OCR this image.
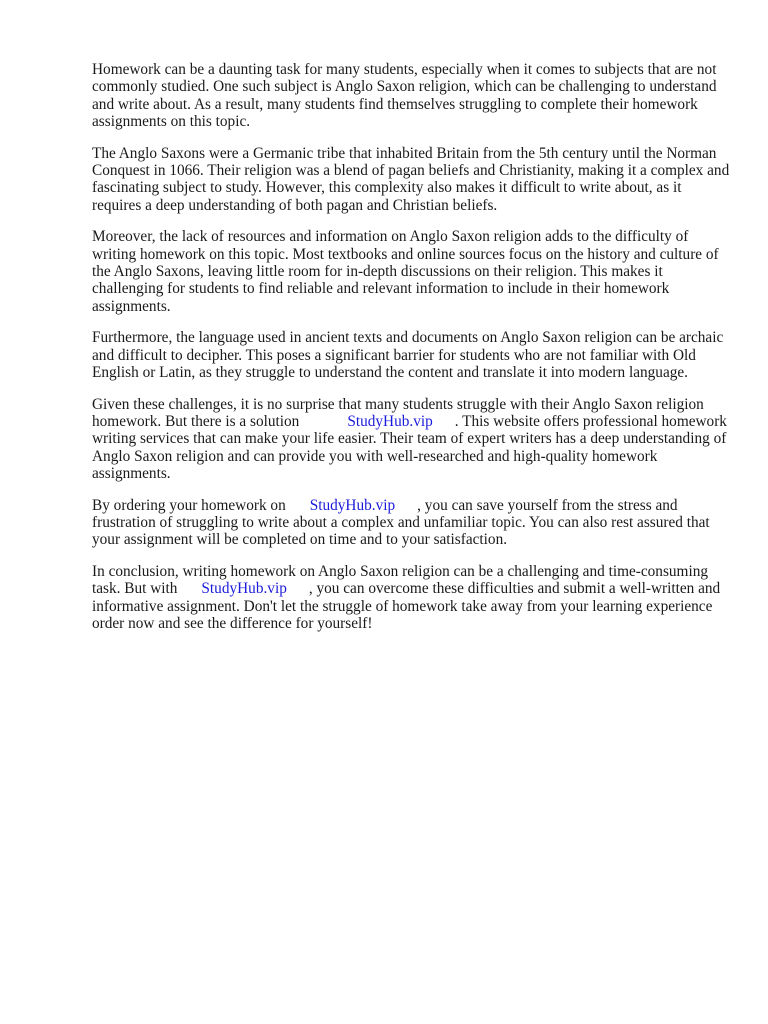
Homework can be a daunting task for many students, especially when it comes to subjects that are not commonly studied. One such subject is Anglo Saxon religion, which can be challenging to understand and write about. As a result, many students find themselves struggling to complete their homework assignments on this topic.

The Anglo Saxons were a Germanic tribe that inhabited Britain from the 5th century until the Norman Conquest in 1066. Their religion was a blend of pagan beliefs and Christianity, making it a complex and fascinating subject to study. However, this complexity also makes it difficult to write about, as it requires a deep understanding of both pagan and Christian beliefs.

Moreover, the lack of resources and information on Anglo Saxon religion adds to the difficulty of writing homework on this topic. Most textbooks and online sources focus on the history and culture of the Anglo Saxons, leaving little room for in-depth discussions on their religion. This makes it challenging for students to find reliable and relevant information to include in their homework assignments.

Furthermore, the language used in ancient texts and documents on Anglo Saxon religion can be archaic and difficult to decipher. This poses a significant barrier for students who are not familiar with Old English or Latin, as they struggle to understand the content and translate it into modern language.

Given these challenges, it is no surprise that many students struggle with their Anglo Saxon religion homework. But there is a solution	StudyHub.vip . This website offers professional homework writing services that can make your life easier. Their team of expert writers has a deep understanding of Anglo Saxon religion and can provide you with well-researched and high-quality homework assignments.

By ordering your homework on StudyHub.vip , you can save yourself from the stress and frustration of struggling to write about a complex and unfamiliar topic. You can also rest assured that your assignment will be completed on time and to your satisfaction.

In conclusion, writing homework on Anglo Saxon religion can be a challenging and time-consuming task. But with StudyHub.vip , you can overcome these difficulties and submit a well-written and informative assignment. Don't let the struggle of homework take away from your learning experienceorder now and see the difference for yourself!
